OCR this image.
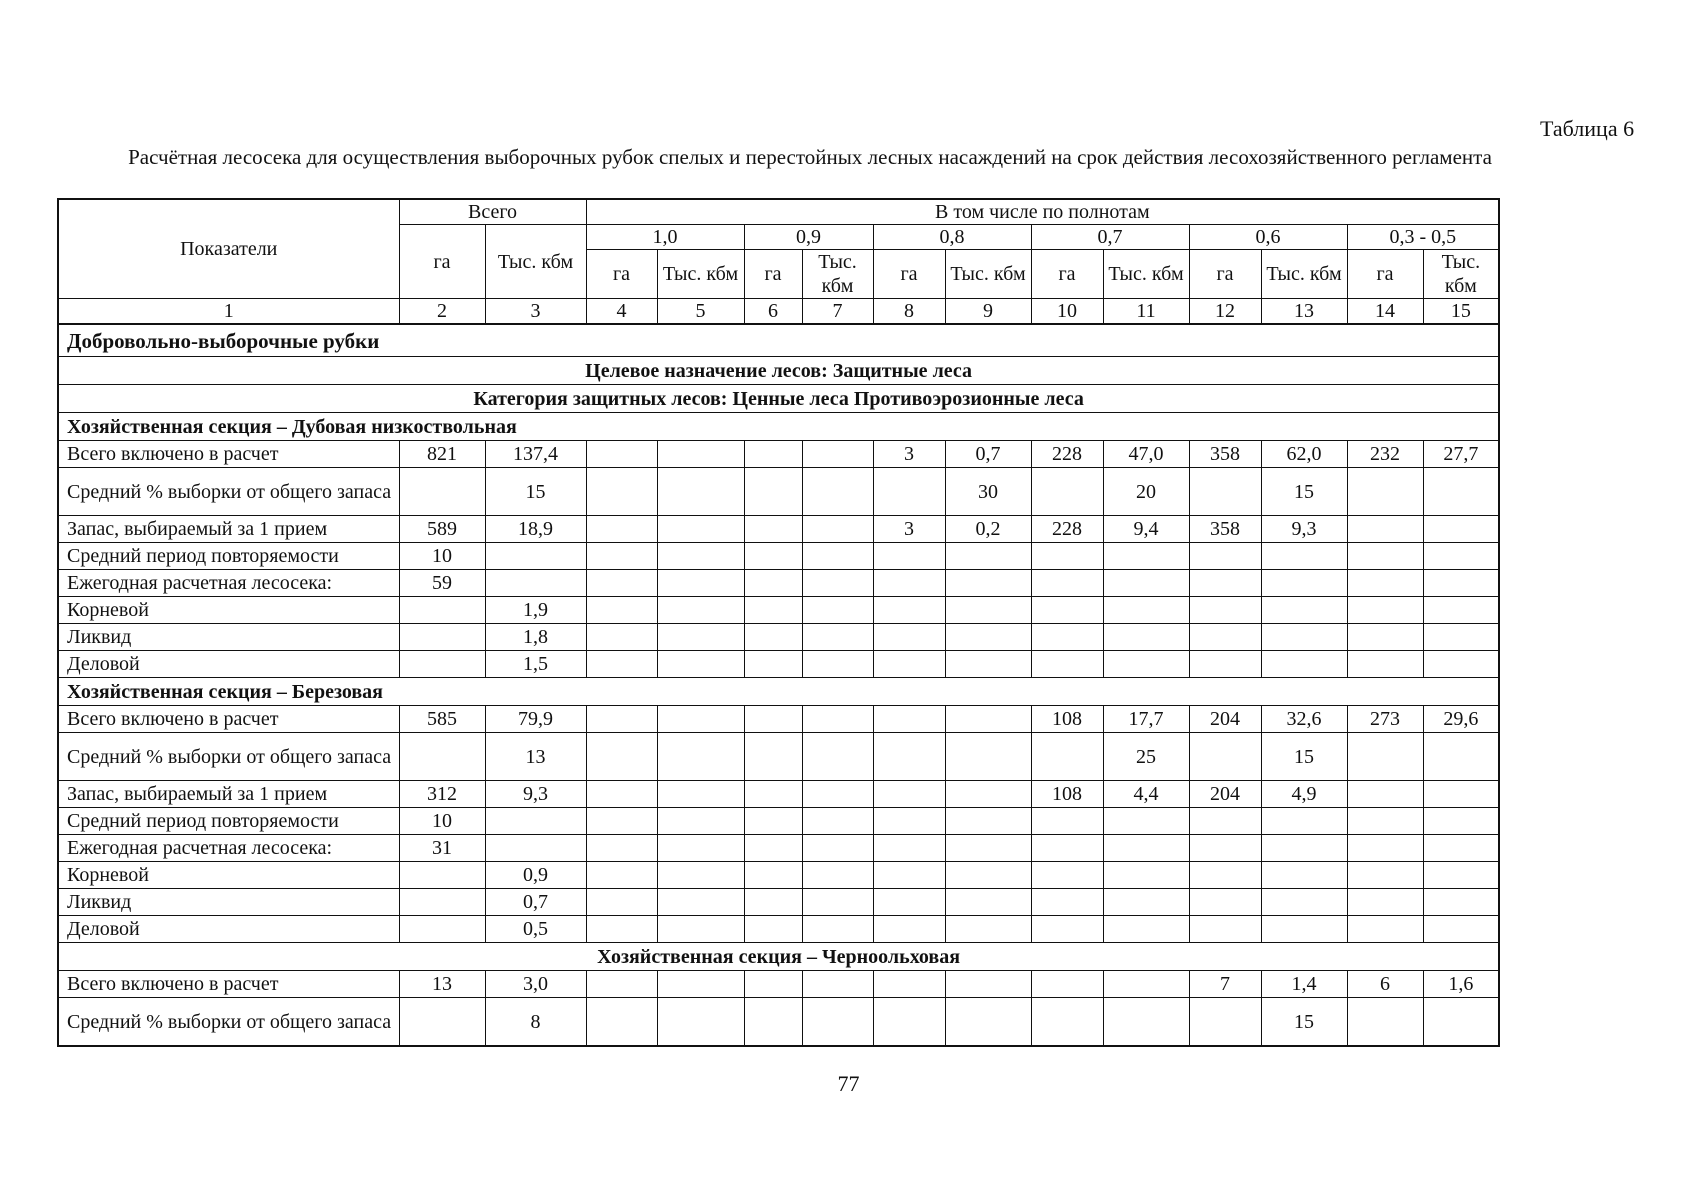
Таблица 6
Расчётная лесосека для осуществления выборочных рубок спелых и перестойных лесных насаждений на срок действия лесохозяйственного регламента
Показатели	Всего		В том числе по полнотам											
	га	Тыс. кбм	1,0		0,9		0,8		0,7		0,6		0,3 - 0,5	
			га	Тыс. кбм	га	Тыс. кбм	га	Тыс. кбм	га	Тыс. кбм	га	Тыс. кбм	га	Тыс. кбм
1	2	3	4	5	6	7	8	9	10	11	12	13	14	15
Добровольно-выборочные рубки														
Целевое назначение лесов: Защитные леса														
Категория защитных лесов: Ценные леса Противоэрозионные леса														
Хозяйственная секция – Дубовая низкоствольная														
Всего включено в расчет	821	137,4					3	0,7	228	47,0	358	62,0	232	27,7
Средний % выборки от общего запаса		15						30		20		15		
Запас, выбираемый за 1 прием	589	18,9					3	0,2	228	9,4	358	9,3		
Средний период повторяемости	10													
Ежегодная расчетная лесосека:	59													
Корневой		1,9												
Ликвид		1,8												
Деловой		1,5												
Хозяйственная секция – Березовая														
Всего включено в расчет	585	79,9							108	17,7	204	32,6	273	29,6
Средний % выборки от общего запаса		13								25		15		
Запас, выбираемый за 1 прием	312	9,3							108	4,4	204	4,9		
Средний период повторяемости	10													
Ежегодная расчетная лесосека:	31													
Корневой		0,9												
Ликвид		0,7												
Деловой		0,5												
Хозяйственная секция – Черноольховая														
Всего включено в расчет	13	3,0									7	1,4	6	1,6
Средний % выборки от общего запаса		8										15		
77
